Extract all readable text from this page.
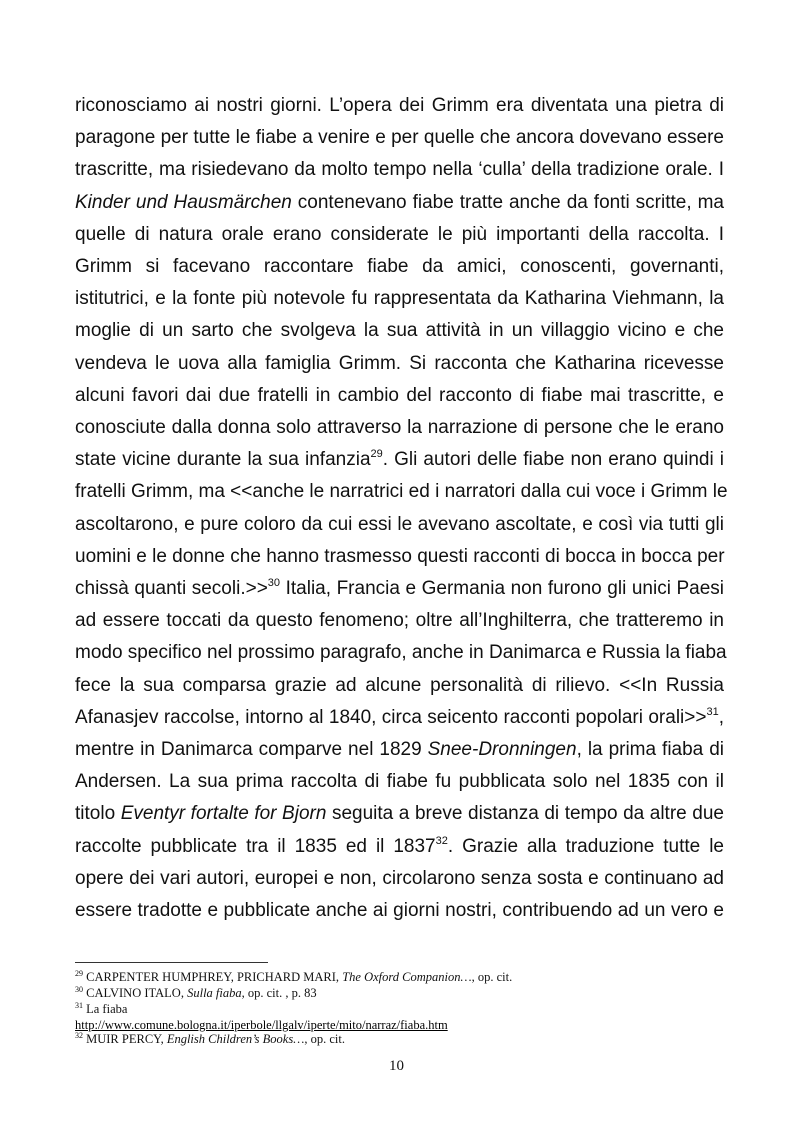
riconosciamo ai nostri giorni. L’opera dei Grimm era diventata una pietra di
paragone per tutte le fiabe a venire e per quelle che ancora dovevano essere
trascritte, ma risiedevano da molto tempo nella ‘culla’ della tradizione orale. I
Kinder und Hausmärchen contenevano fiabe tratte anche da fonti scritte, ma
quelle di natura orale erano considerate le più importanti della raccolta. I
Grimm si facevano raccontare fiabe da amici, conoscenti, governanti,
istitutrici, e la fonte più notevole fu rappresentata da Katharina Viehmann, la
moglie di un sarto che svolgeva la sua attività in un villaggio vicino e che
vendeva le uova alla famiglia Grimm. Si racconta che Katharina ricevesse
alcuni favori dai due fratelli in cambio del racconto di fiabe mai trascritte, e
conosciute dalla donna solo attraverso la narrazione di persone che le erano
state vicine durante la sua infanzia$^{29}$. Gli autori delle fiabe non erano quindi i
fratelli Grimm, ma <<anche le narratrici ed i narratori dalla cui voce i Grimm le
ascoltarono, e pure coloro da cui essi le avevano ascoltate, e così via tutti gli
uomini e le donne che hanno trasmesso questi racconti di bocca in bocca per
chissà quanti secoli.>>$^{30}$ Italia, Francia e Germania non furono gli unici Paesi
ad essere toccati da questo fenomeno; oltre all’Inghilterra, che tratteremo in
modo specifico nel prossimo paragrafo, anche in Danimarca e Russia la fiaba
fece la sua comparsa grazie ad alcune personalità di rilievo. <<In Russia
Afanasjev raccolse, intorno al 1840, circa seicento racconti popolari orali>>$^{31}$,
mentre in Danimarca comparve nel 1829 Snee-Dronningen, la prima fiaba di
Andersen. La sua prima raccolta di fiabe fu pubblicata solo nel 1835 con il
titolo Eventyr fortalte for Bjorn seguita a breve distanza di tempo da altre due
raccolte pubblicate tra il 1835 ed il 1837$^{32}$. Grazie alla traduzione tutte le
opere dei vari autori, europei e non, circolarono senza sosta e continuano ad
essere tradotte e pubblicate anche ai giorni nostri, contribuendo ad un vero e
$^{29}$ CARPENTER HUMPHREY, PRICHARD MARI, The Oxford Companion…, op. cit.
$^{30}$ CALVINO ITALO, Sulla fiaba, op. cit. , p. 83
$^{31}$ La fiaba
http://www.comune.bologna.it/iperbole/llgalv/iperte/mito/narraz/fiaba.htm
$^{32}$ MUIR PERCY, English Children’s Books…, op. cit.
10
